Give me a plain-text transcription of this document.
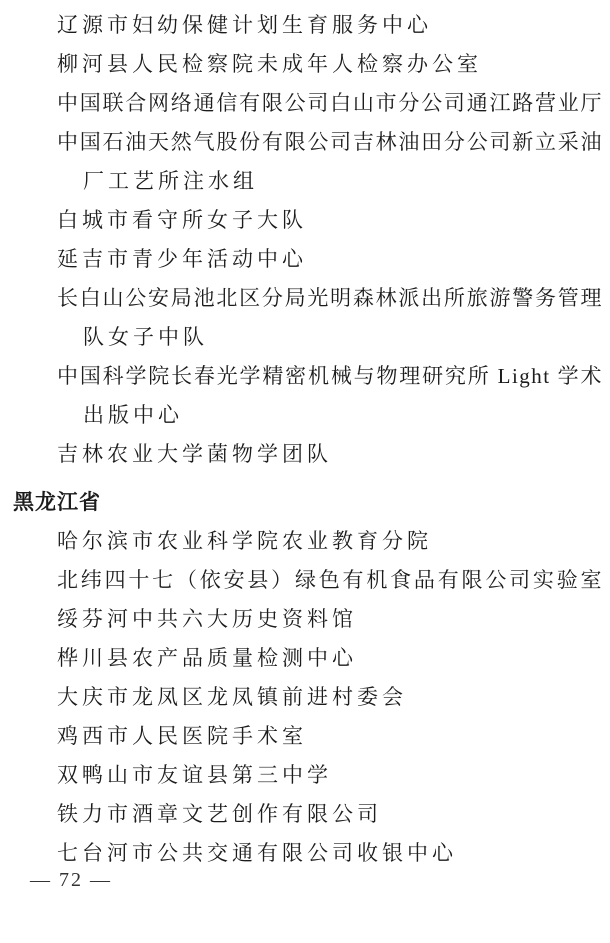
辽源市妇幼保健计划生育服务中心
柳河县人民检察院未成年人检察办公室
中国联合网络通信有限公司白山市分公司通江路营业厅
中国石油天然气股份有限公司吉林油田分公司新立采油
厂工艺所注水组
白城市看守所女子大队
延吉市青少年活动中心
长白山公安局池北区分局光明森林派出所旅游警务管理
队女子中队
中国科学院长春光学精密机械与物理研究所 Light 学术
出版中心
吉林农业大学菌物学团队
黑龙江省
哈尔滨市农业科学院农业教育分院
北纬四十七（依安县）绿色有机食品有限公司实验室
绥芬河中共六大历史资料馆
桦川县农产品质量检测中心
大庆市龙凤区龙凤镇前进村委会
鸡西市人民医院手术室
双鸭山市友谊县第三中学
铁力市酒章文艺创作有限公司
七台河市公共交通有限公司收银中心
— 72 —
